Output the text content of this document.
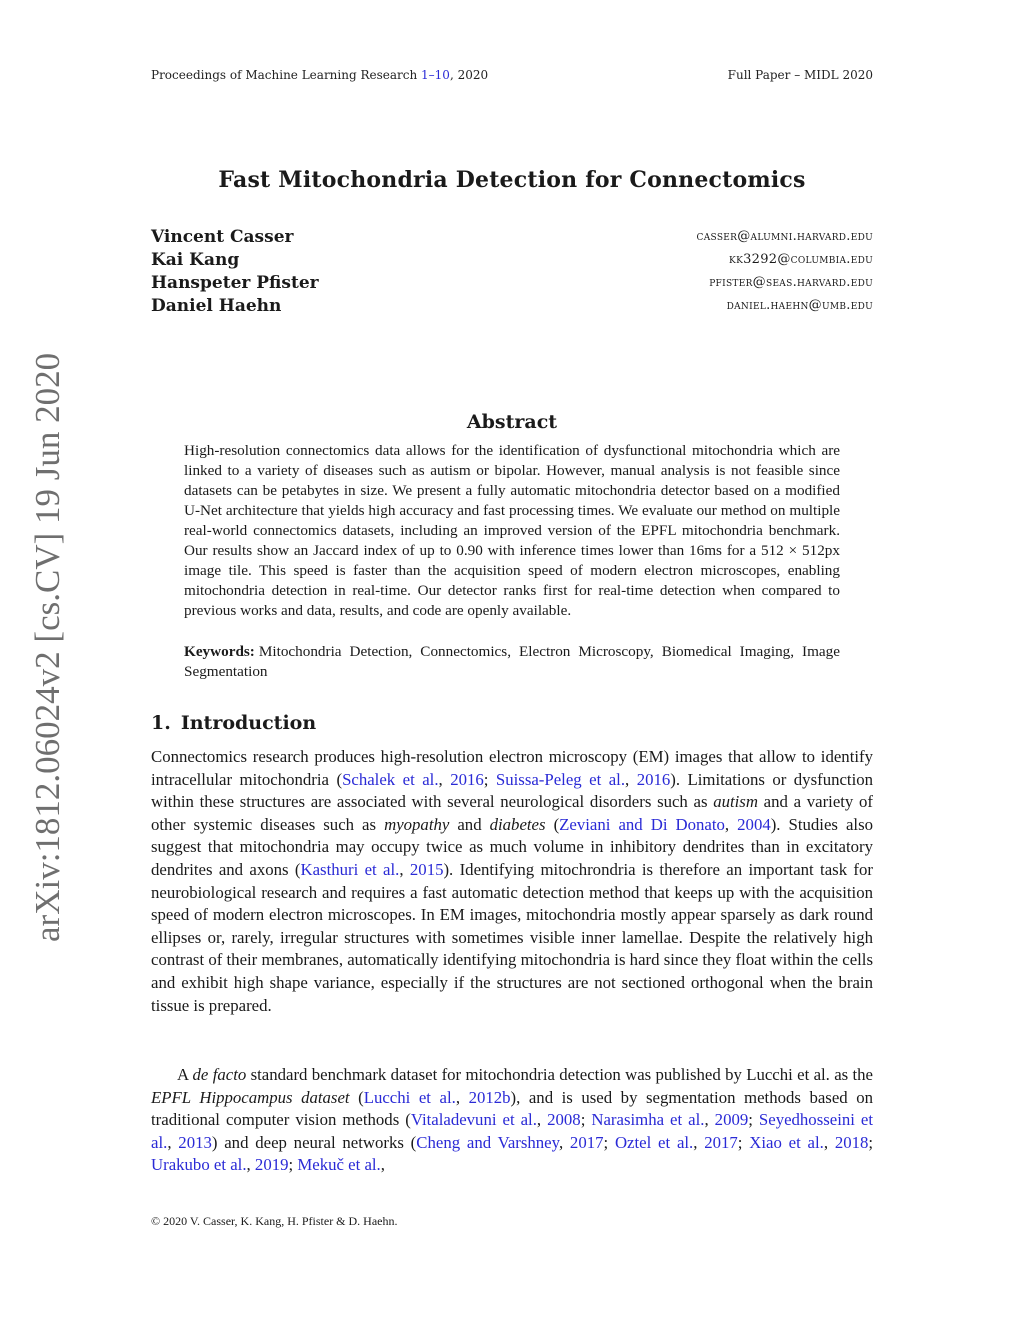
Proceedings of Machine Learning Research 1–10, 2020	Full Paper – MIDL 2020
Fast Mitochondria Detection for Connectomics
Vincent Casser	casser@alumni.harvard.edu
Kai Kang	kk3292@columbia.edu
Hanspeter Pfister	pfister@seas.harvard.edu
Daniel Haehn	daniel.haehn@umb.edu
arXiv:1812.06024v2 [cs.CV] 19 Jun 2020	Abstract

High-resolution connectomics data allows for the identification of dysfunctional mitochondria which are linked to a variety of diseases such as autism or bipolar. However, manual analysis is not feasible since datasets can be petabytes in size. We present a fully automatic mitochondria detector based on a modified U-Net architecture that yields high accuracy and fast processing times. We evaluate our method on multiple real-world connectomics datasets, including an improved version of the EPFL mitochondria benchmark. Our results show an Jaccard index of up to 0.90 with inference times lower than 16ms for a 512 × 512px image tile. This speed is faster than the acquisition speed of modern electron microscopes, enabling mitochondria detection in real-time. Our detector ranks first for real-time detection when compared to previous works and data, results, and code are openly available.

Keywords: Mitochondria Detection, Connectomics, Electron Microscopy, Biomedical Imaging, Image Segmentation

1. Introduction

Connectomics research produces high-resolution electron microscopy (EM) images that allow to identify intracellular mitochondria (Schalek et al., 2016; Suissa-Peleg et al., 2016). Limitations or dysfunction within these structures are associated with several neurological disorders such as autism and a variety of other systemic diseases such as myopathy and diabetes (Zeviani and Di Donato, 2004). Studies also suggest that mitochondria may occupy twice as much volume in inhibitory dendrites than in excitatory dendrites and axons (Kasthuri et al., 2015). Identifying mitochrondria is therefore an important task for neurobiological research and requires a fast automatic detection method that keeps up with the acquisition speed of modern electron microscopes. In EM images, mitochondria mostly appear sparsely as dark round ellipses or, rarely, irregular structures with sometimes visible inner lamellae. Despite the relatively high contrast of their membranes, automatically identifying mitochondria is hard since they float within the cells and exhibit high shape variance, especially if the structures are not sectioned orthogonal when the brain tissue is prepared.

A de facto standard benchmark dataset for mitochondria detection was published by Lucchi et al. as the EPFL Hippocampus dataset (Lucchi et al., 2012b), and is used by segmentation methods based on traditional computer vision methods (Vitaladevuni et al., 2008; Narasimha et al., 2009; Seyedhosseini et al., 2013) and deep neural networks (Cheng and Varshney, 2017; Oztel et al., 2017; Xiao et al., 2018; Urakubo et al., 2019; Mekuč et al.,

© 2020 V. Casser, K. Kang, H. Pfister & D. Haehn.
